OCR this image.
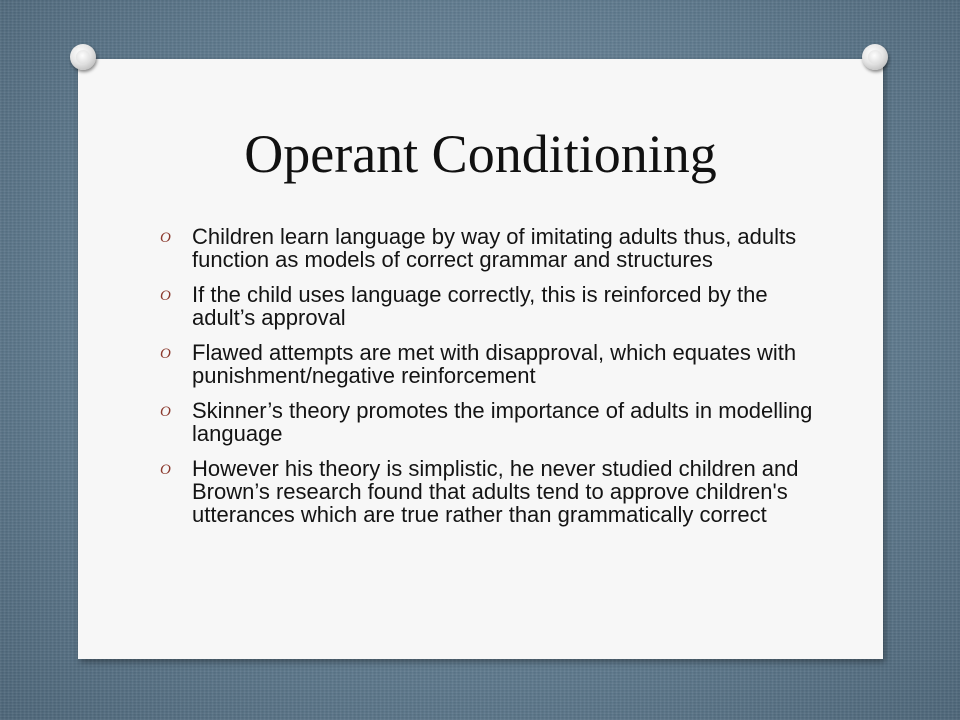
Operant Conditioning
O Children learn language by way of imitating adults thus, adults function as models of correct grammar and structures
O If the child uses language correctly, this is reinforced by the adult’s approval
O Flawed attempts are met with disapproval, which equates with punishment/negative reinforcement
O Skinner’s theory promotes the importance of adults in modelling language
O However his theory is simplistic, he never studied children and Brown’s research found that adults tend to approve children's utterances which are true rather than grammatically correct
